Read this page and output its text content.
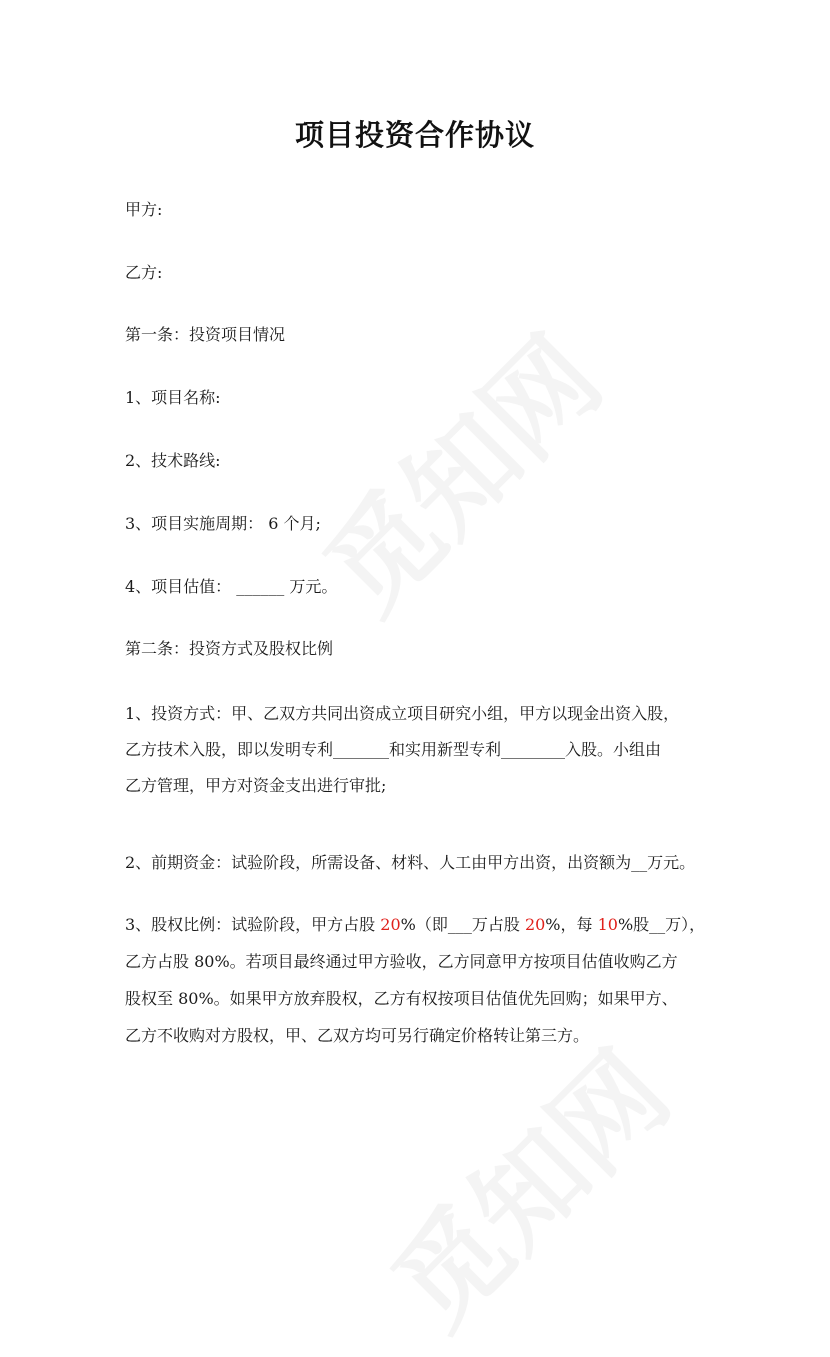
项目投资合作协议
甲方:
乙方:
第一条：投资项目情况
1、项目名称:
2、技术路线:
3、项目实施周期： 6 个月;
4、项目估值： ______ 万元。
第二条：投资方式及股权比例
1、投资方式：甲、乙双方共同出资成立项目研究小组，甲方以现金出资入股，
乙方技术入股，即以发明专利_______和实用新型专利________入股。小组由
乙方管理，甲方对资金支出进行审批;
2、前期资金：试验阶段，所需设备、材料、人工由甲方出资，出资额为__万元。
3、股权比例：试验阶段，甲方占股 20%（即___万占股 20%，每 10%股__万），
乙方占股 80%。若项目最终通过甲方验收，乙方同意甲方按项目估值收购乙方
股权至 80%。如果甲方放弃股权，乙方有权按项目估值优先回购；如果甲方、
乙方不收购对方股权，甲、乙双方均可另行确定价格转让第三方。
